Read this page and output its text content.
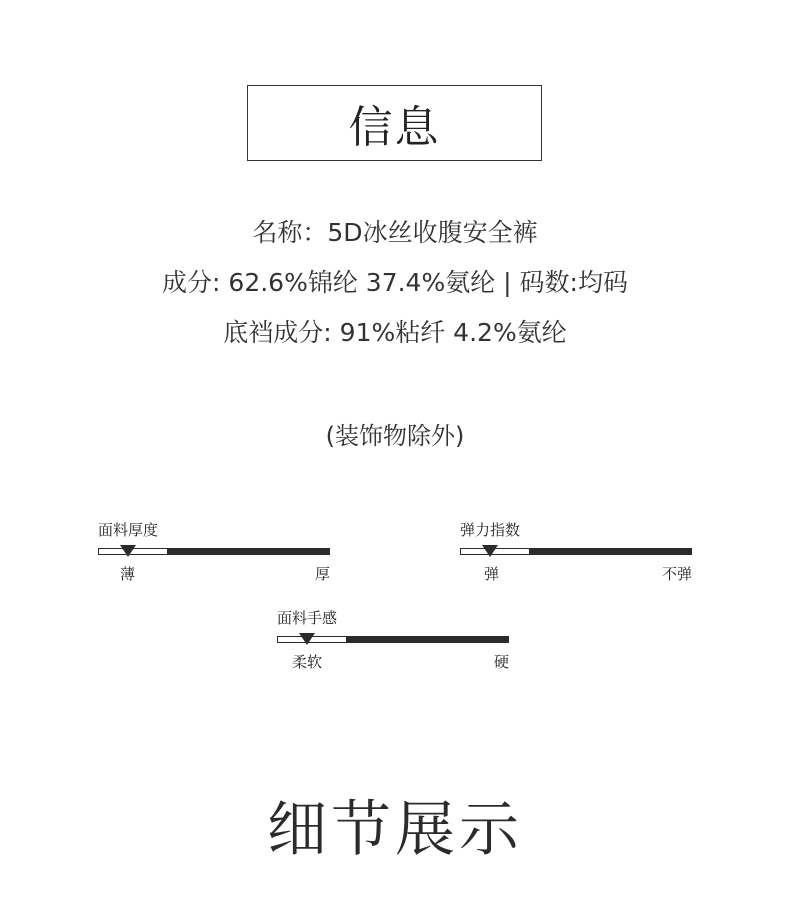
信息
名称：5D冰丝收腹安全裤
成分: 62.6%锦纶 37.4%氨纶 | 码数:均码
底裆成分: 91%粘纤 4.2%氨纶
(装饰物除外)
面料厚度
薄	厚
弹力指数
弹	不弹
面料手感
柔软	硬
细节展示
